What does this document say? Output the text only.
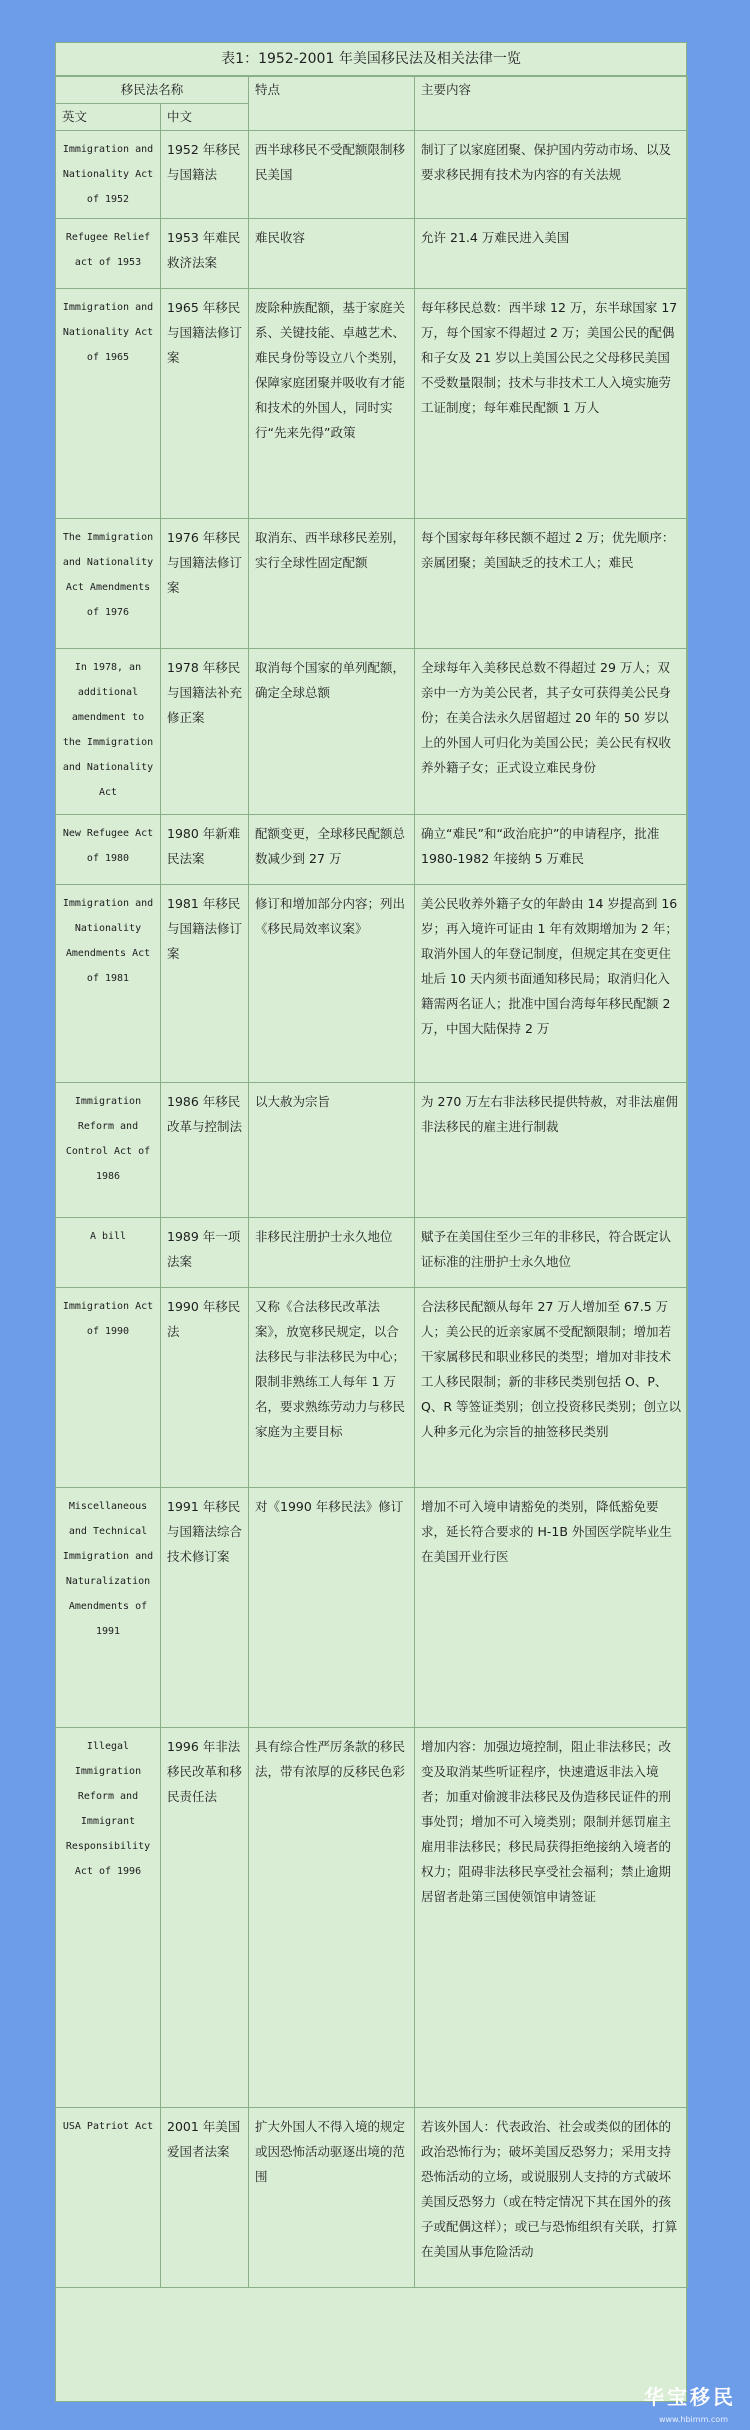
表1：1952-2001 年美国移民法及相关法律一览
移民法名称		特点	主要内容
英文	中文		
Immigration and Nationality Act of 1952	1952 年移民与国籍法	西半球移民不受配额限制移民美国	制订了以家庭团聚、保护国内劳动市场、以及要求移民拥有技术为内容的有关法规
Refugee Relief act of 1953	1953 年难民救济法案	难民收容	允许 21.4 万难民进入美国
Immigration and Nationality Act of 1965	1965 年移民与国籍法修订案	废除种族配额，基于家庭关系、关键技能、卓越艺术、难民身份等设立八个类别，保障家庭团聚并吸收有才能和技术的外国人，同时实行“先来先得”政策	每年移民总数：西半球 12 万，东半球国家 17 万，每个国家不得超过 2 万；美国公民的配偶和子女及 21 岁以上美国公民之父母移民美国不受数量限制；技术与非技术工人入境实施劳工证制度；每年难民配额 1 万人
The Immigration and Nationality Act Amendments of 1976	1976 年移民与国籍法修订案	取消东、西半球移民差别，实行全球性固定配额	每个国家每年移民额不超过 2 万；优先顺序：亲属团聚；美国缺乏的技术工人；难民
In 1978, an additional amendment to the Immigration and Nationality Act	1978 年移民与国籍法补充修正案	取消每个国家的单列配额，确定全球总额	全球每年入美移民总数不得超过 29 万人；双亲中一方为美公民者，其子女可获得美公民身份；在美合法永久居留超过 20 年的 50 岁以上的外国人可归化为美国公民；美公民有权收养外籍子女；正式设立难民身份
New Refugee Act of 1980	1980 年新难民法案	配额变更，全球移民配额总数减少到 27 万	确立“难民”和“政治庇护”的申请程序，批准 1980-1982 年接纳 5 万难民
Immigration and Nationality Amendments Act of 1981	1981 年移民与国籍法修订案	修订和增加部分内容；列出《移民局效率议案》	美公民收养外籍子女的年龄由 14 岁提高到 16 岁；再入境许可证由 1 年有效期增加为 2 年；取消外国人的年登记制度，但规定其在变更住址后 10 天内须书面通知移民局；取消归化入籍需两名证人；批准中国台湾每年移民配额 2 万，中国大陆保持 2 万
Immigration Reform and Control Act of 1986	1986 年移民改革与控制法	以大赦为宗旨	为 270 万左右非法移民提供特赦，对非法雇佣非法移民的雇主进行制裁
A bill	1989 年一项法案	非移民注册护士永久地位	赋予在美国住至少三年的非移民，符合既定认证标准的注册护士永久地位
Immigration Act of 1990	1990 年移民法	又称《合法移民改革法案》，放宽移民规定，以合法移民与非法移民为中心；限制非熟练工人每年 1 万名，要求熟练劳动力与移民家庭为主要目标	合法移民配额从每年 27 万人增加至 67.5 万人；美公民的近亲家属不受配额限制；增加若干家属移民和职业移民的类型；增加对非技术工人移民限制；新的非移民类别包括 O、P、Q、R 等签证类别；创立投资移民类别；创立以人种多元化为宗旨的抽签移民类别
Miscellaneous and Technical Immigration and Naturalization Amendments of 1991	1991 年移民与国籍法综合技术修订案	对《1990 年移民法》修订	增加不可入境申请豁免的类别，降低豁免要求，延长符合要求的 H-1B 外国医学院毕业生在美国开业行医
Illegal Immigration Reform and Immigrant Responsibility Act of 1996	1996 年非法移民改革和移民责任法	具有综合性严厉条款的移民法，带有浓厚的反移民色彩	增加内容：加强边境控制，阻止非法移民；改变及取消某些听证程序，快速遣返非法入境者；加重对偷渡非法移民及伪造移民证件的刑事处罚；增加不可入境类别；限制并惩罚雇主雇用非法移民；移民局获得拒绝接纳入境者的权力；阻碍非法移民享受社会福利；禁止逾期居留者赴第三国使领馆申请签证
USA Patriot Act	2001 年美国爱国者法案	扩大外国人不得入境的规定或因恐怖活动驱逐出境的范围	若该外国人：代表政治、社会或类似的团体的政治恐怖行为；破坏美国反恐努力；采用支持恐怖活动的立场，或说服别人支持的方式破坏美国反恐努力（或在特定情况下其在国外的孩子或配偶这样）；或已与恐怖组织有关联，打算在美国从事危险活动
华宝移民
www.hbimm.com
